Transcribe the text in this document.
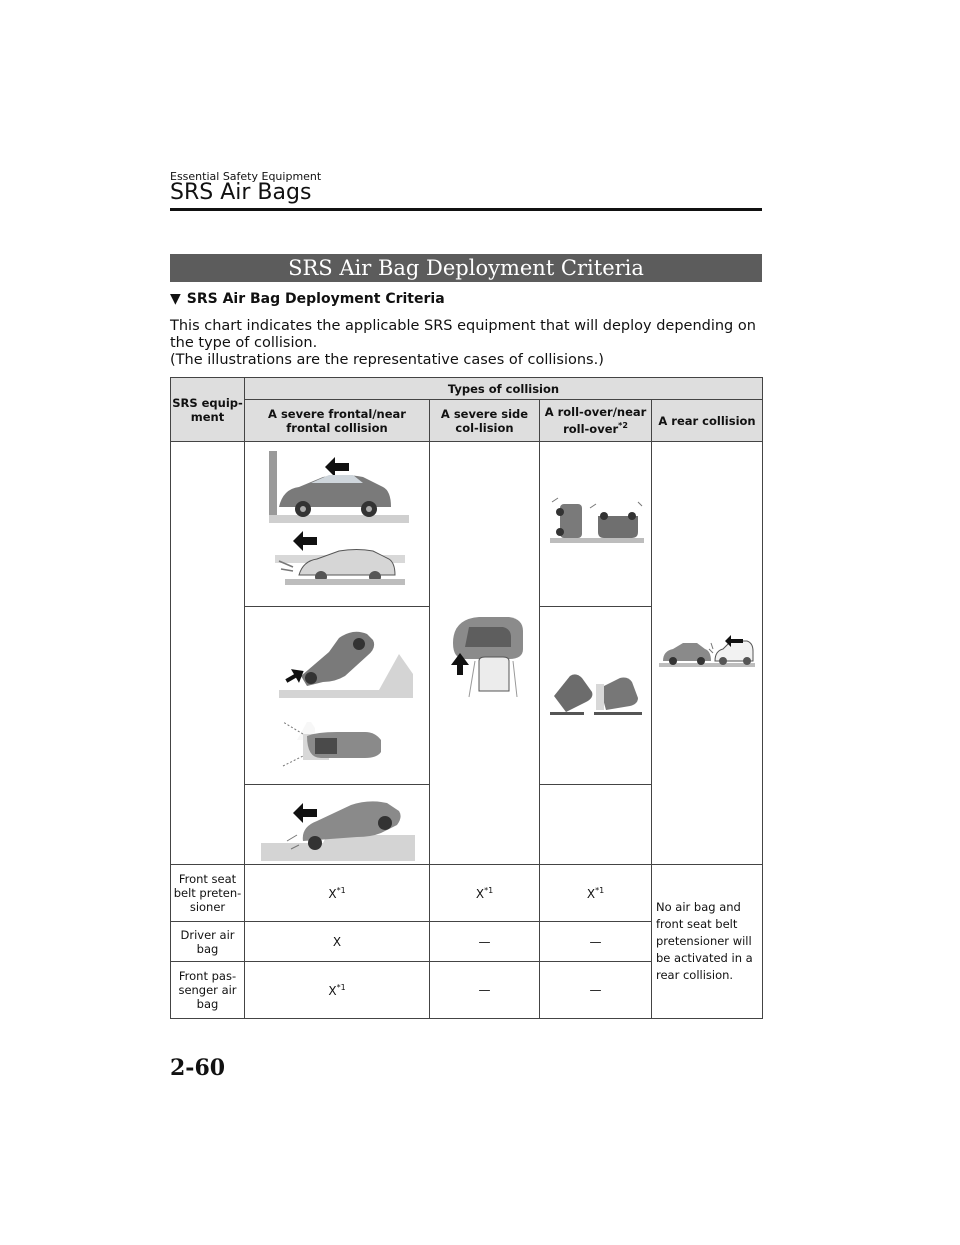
Essential Safety Equipment
SRS Air Bags
SRS Air Bag Deployment Criteria
▼ SRS Air Bag Deployment Criteria
This chart indicates the applicable SRS equipment that will deploy depending on the type of collision.
(The illustrations are the representative cases of collisions.)
SRS equip-ment	Types of collision			
	A severe frontal/near frontal collision	A severe side col-lision	A roll-over/near roll-over$^{*2}$	A rear collision

Front seat belt preten-sioner	$X^{*1}$	$X^{*1}$	$X^{*1}$	No air bag and front seat belt pretensioner will be activated in a rear collision.
Driver air bag	X	—	—	
Front pas-senger air bag	$X^{*1}$	—	—	
2-60
